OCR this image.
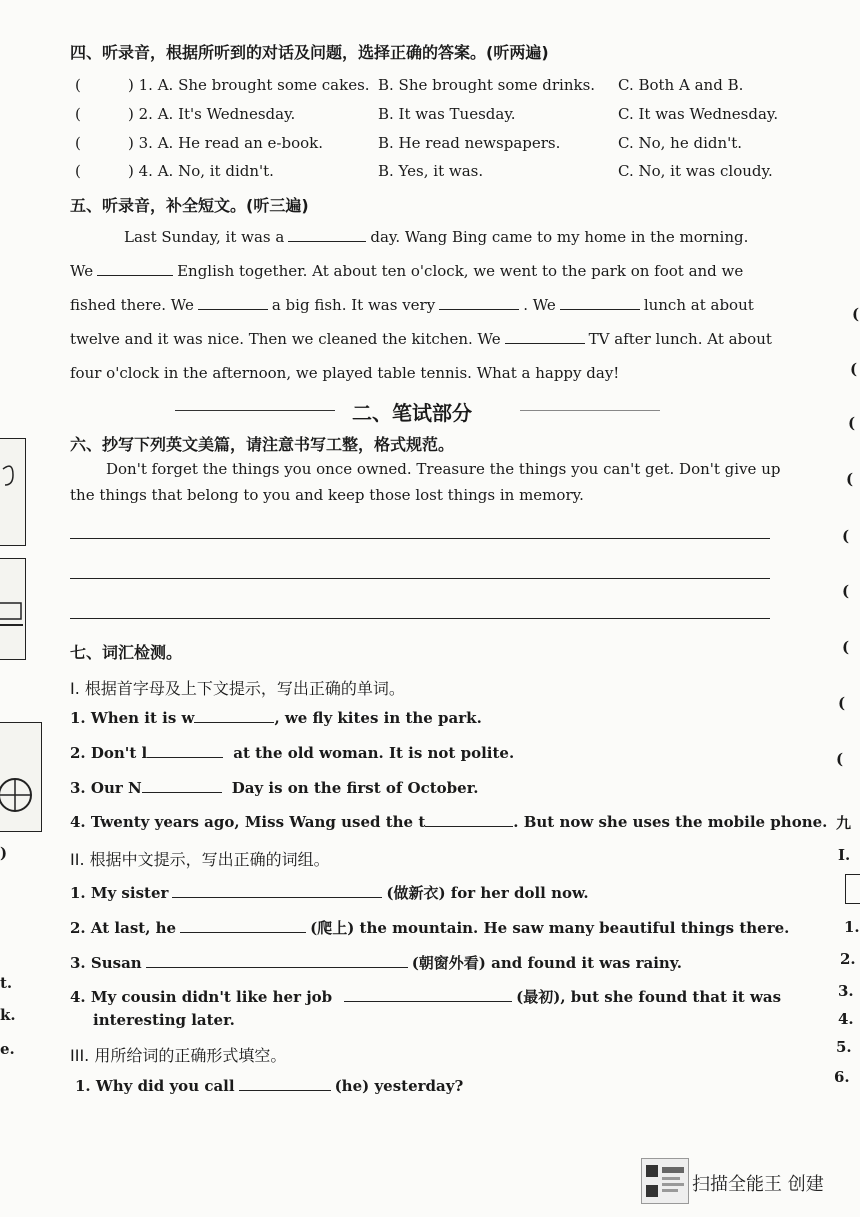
四、听录音，根据所听到的对话及问题，选择正确的答案。(听两遍)
(	) 1. A. She brought some cakes. B. She brought some drinks. C. Both A and B.
(	) 2. A. It's Wednesday.	B. It was Tuesday.	C. It was Wednesday.
(	) 3. A. He read an e-book.	B. He read newspapers.	C. No, he didn't.
(	) 4. A. No, it didn't.	B. Yes, it was.	C. No, it was cloudy.
五、听录音，补全短文。(听三遍)
Last Sunday, it was a	day. Wang Bing came to my home in the morning.
We	English together. At about ten o'clock, we went to the park on foot and we
fished there. We	a big fish. It was very	. We	lunch at about
twelve and it was nice. Then we cleaned the kitchen. We	TV after lunch. At about
four o'clock in the afternoon, we played table tennis. What a happy day!
二、笔试部分
六、抄写下列英文美篇，请注意书写工整，格式规范。
Don't forget the things you once owned. Treasure the things you can't get. Don't give up
the things that belong to you and keep those lost things in memory.
七、词汇检测。
I. 根据首字母及上下文提示，写出正确的单词。
1. When it is w	, we fly kites in the park.
2. Don't l	at the old woman. It is not polite.
3. Our N	Day is on the first of October.
4. Twenty years ago, Miss Wang used the t	. But now she uses the mobile phone.
II. 根据中文提示，写出正确的词组。
1. My sister	(做新衣) for her doll now.
2. At last, he	(爬上) the mountain. He saw many beautiful things there.
3. Susan	(朝窗外看) and found it was rainy.
4. My cousin didn't like her job	(最初), but she found that it was
interesting later.
III. 用所给词的正确形式填空。
1. Why did you call	(he) yesterday?
)
t.
k.
e.
(
(
(
(
(
(
(
(
(
九
I.
1.
2.
3.
4.
5.
6.
扫描全能王 创建
